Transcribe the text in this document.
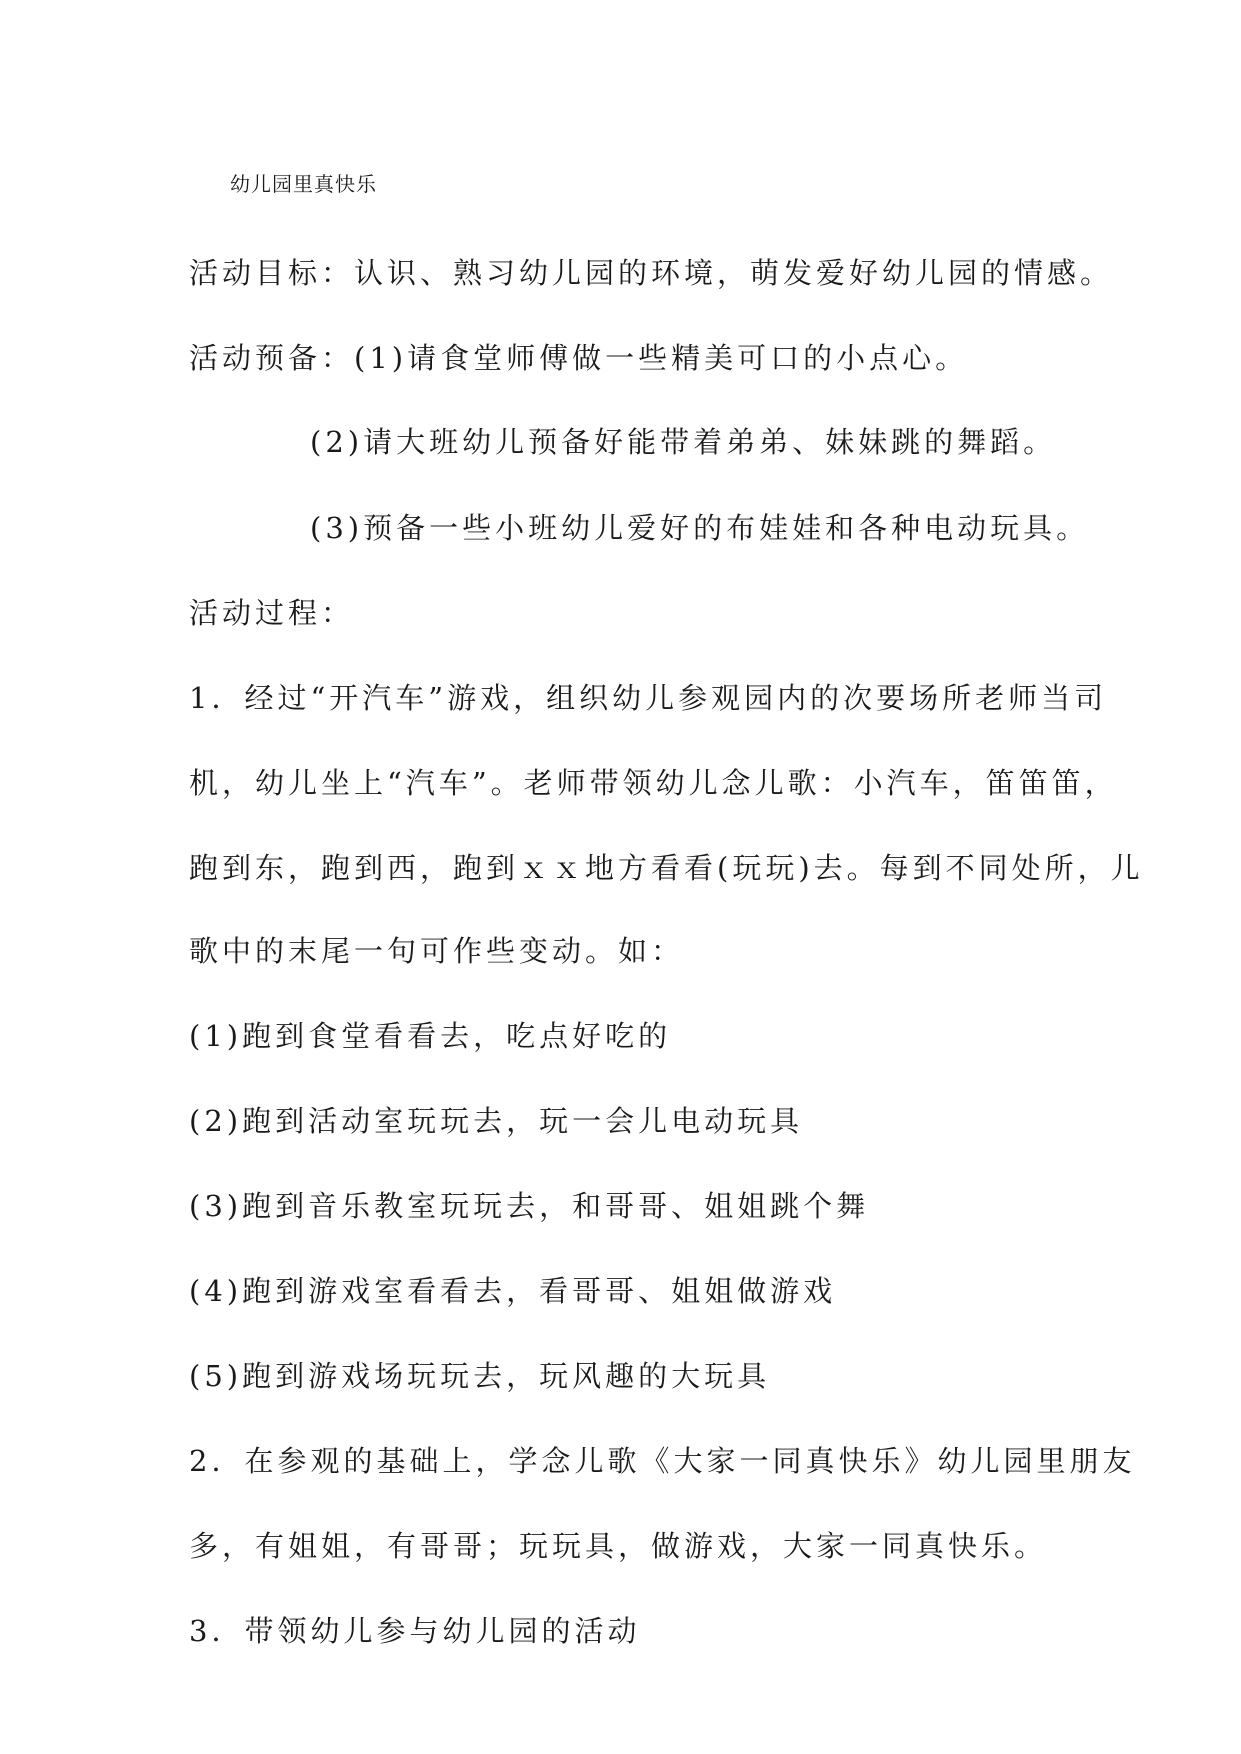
幼儿园里真快乐
活动目标：认识、熟习幼儿园的环境，萌发爱好幼儿园的情感。
活动预备：(1)请食堂师傅做一些精美可口的小点心。
(2)请大班幼儿预备好能带着弟弟、妹妹跳的舞蹈。
(3)预备一些小班幼儿爱好的布娃娃和各种电动玩具。
活动过程：
1．经过“开汽车”游戏，组织幼儿参观园内的次要场所老师当司
机，幼儿坐上“汽车”。老师带领幼儿念儿歌：小汽车，笛笛笛，
跑到东，跑到西，跑到ｘｘ地方看看(玩玩)去。每到不同处所，儿
歌中的末尾一句可作些变动。如：
(1)跑到食堂看看去，吃点好吃的
(2)跑到活动室玩玩去，玩一会儿电动玩具
(3)跑到音乐教室玩玩去，和哥哥、姐姐跳个舞
(4)跑到游戏室看看去，看哥哥、姐姐做游戏
(5)跑到游戏场玩玩去，玩风趣的大玩具
2．在参观的基础上，学念儿歌《大家一同真快乐》幼儿园里朋友
多，有姐姐，有哥哥；玩玩具，做游戏，大家一同真快乐。
3．带领幼儿参与幼儿园的活动
